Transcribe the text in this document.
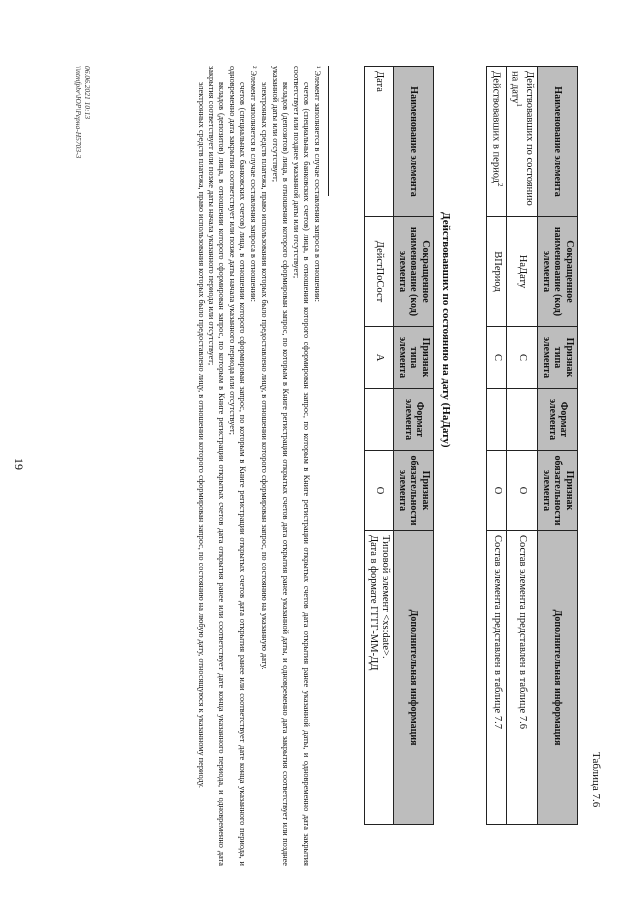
19
Наименование элемента	Сокращенное наименование (код) элемента	Признак типа элемента	Формат элемента	Признак обязательности элемента	Дополнительная информация
Действовавших по состоянию на дату$^1$	НаДату	С		О	Состав элемента представлен в таблице 7.6
Действовавших в период$^2$	ВПериод	С		О	Состав элемента представлен в таблице 7.7
Таблица 7.6
Действовавших по состоянию на дату (НаДату)
Наименование элемента	Сокращенное наименование (код) элемента	Признак типа элемента	Формат элемента	Признак обязательности элемента	Дополнительная информация
Дата	ДейстПоСост	А		О	Типовой элемент <xs:date>.
Дата в формате ГГГГ-ММ-ДД

¹ Элемент заполняется в случае составления запроса в отношении:

счетов (специальных банковских счетов) лица, в отношении которого сформирован запрос, по которым в Книге регистрации открытых счетов дата открытия ранее указанной даты, и одновременно дата закрытия соответствует или позднее указанной даты или отсутствует;

вкладов (депозитов) лица, в отношении которого сформирован запрос, по которым в Книге регистрации открытых счетов дата открытия ранее указанной даты, и одновременно дата закрытия соответствует или позднее указанной даты или отсутствует;

электронных средств платежа, право использования которых было предоставлено лицу, в отношении которого сформирован запрос, по состоянию на указанную дату.

² Элемент заполняется в случае составления запроса в отношении:

счетов (специальных банковских счетов) лица, в отношении которого сформирован запрос, по которым в Книге регистрации открытых счетов дата открытия ранее или соответствует дате конца указанного периода, и одновременно дата закрытия соответствует или позже даты начала указанного периода или отсутствует;

вкладов (депозитов) лица, в отношении которого сформирован запрос, по которым в Книге регистрации открытых счетов дата открытия ранее или соответствует дате конца указанного периода, и одновременно дата закрытия соответствует или позже даты начала указанного периода или отсутствует;

электронных средств платежа, право использования которых было предоставлено лицу, в отношении которого сформирован запрос, по состоянию на любую дату, относящуюся к указанному периоду.

06.06.2021 10:13
\\ntmfpbr\ЮР\Рерна-H5703-3
